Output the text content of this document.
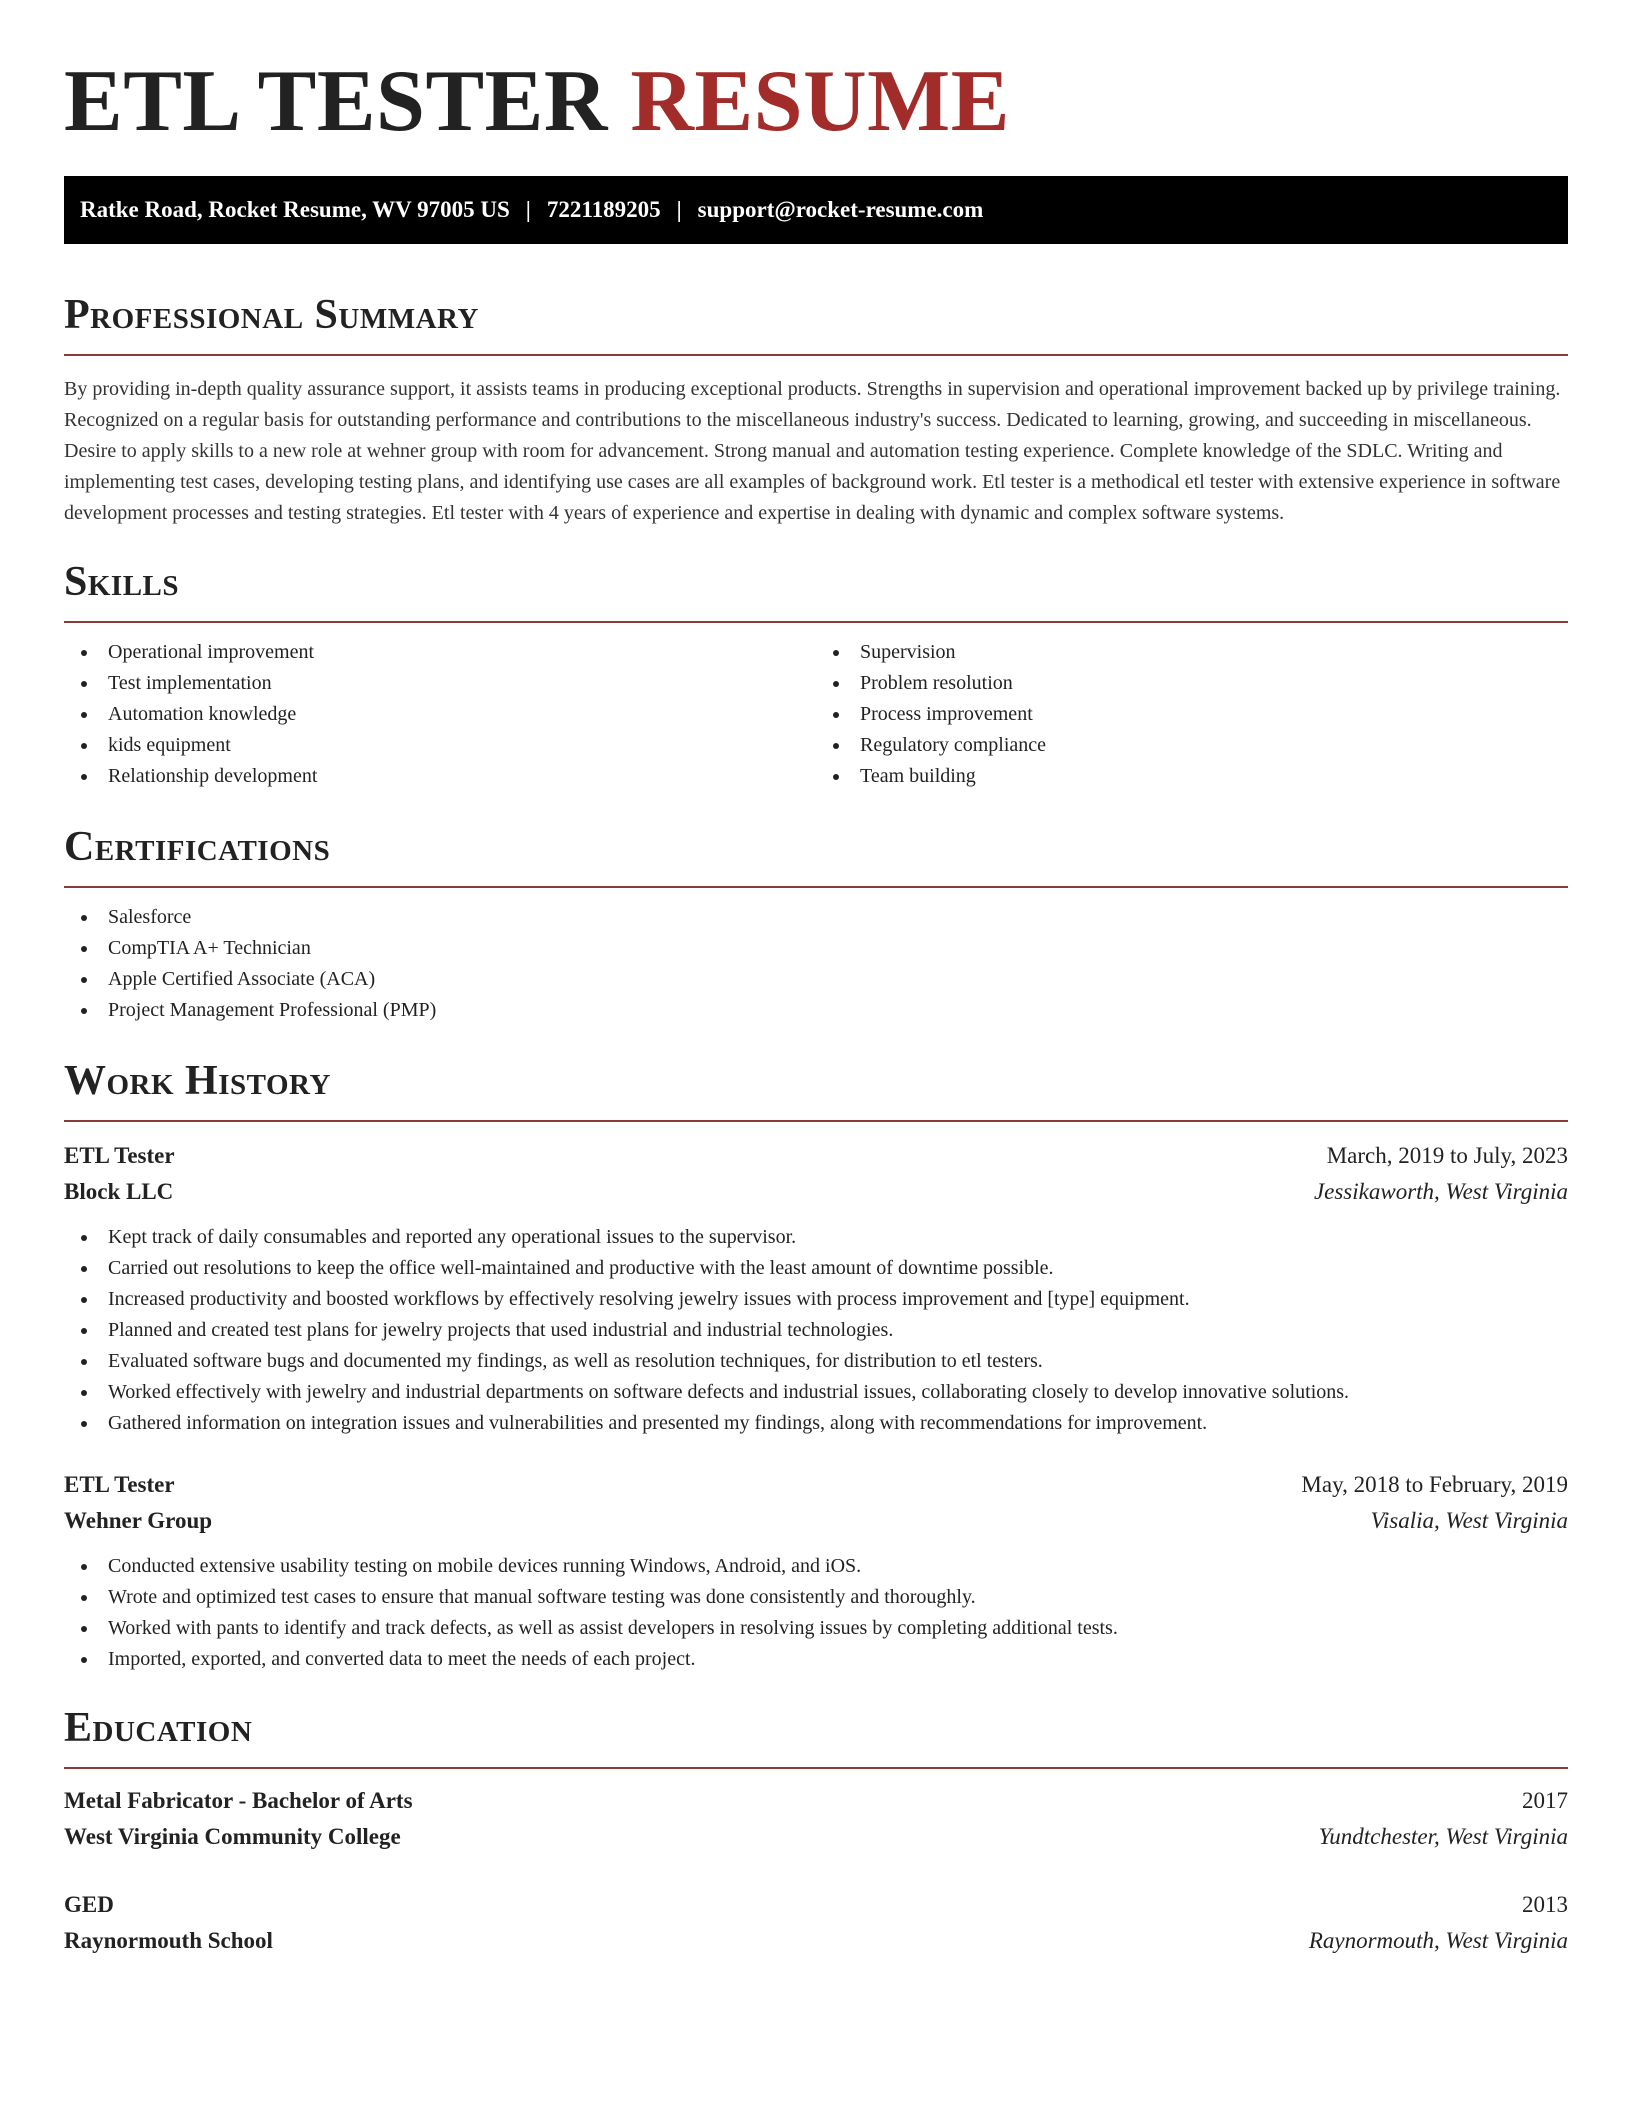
ETL TESTER RESUME
Ratke Road, Rocket Resume, WV 97005 US | 7221189205 | support@rocket-resume.com
Professional Summary

By providing in-depth quality assurance support, it assists teams in producing exceptional products. Strengths in supervision and operational improvement backed up by privilege training. Recognized on a regular basis for outstanding performance and contributions to the miscellaneous industry's success. Dedicated to learning, growing, and succeeding in miscellaneous. Desire to apply skills to a new role at wehner group with room for advancement. Strong manual and automation testing experience. Complete knowledge of the SDLC. Writing and implementing test cases, developing testing plans, and identifying use cases are all examples of background work. Etl tester is a methodical etl tester with extensive experience in software development processes and testing strategies. Etl tester with 4 years of experience and expertise in dealing with dynamic and complex software systems.

Skills
Operational improvement
Test implementation
Automation knowledge
kids equipment
Relationship development
Supervision
Problem resolution
Process improvement
Regulatory compliance
Team building
Certifications
Salesforce
CompTIA A+ Technician
Apple Certified Associate (ACA)
Project Management Professional (PMP)
Work History
ETL Tester	March, 2019 to July, 2023
Block LLC	Jessikaworth, West Virginia
Kept track of daily consumables and reported any operational issues to the supervisor.
Carried out resolutions to keep the office well-maintained and productive with the least amount of downtime possible.
Increased productivity and boosted workflows by effectively resolving jewelry issues with process improvement and [type] equipment.
Planned and created test plans for jewelry projects that used industrial and industrial technologies.
Evaluated software bugs and documented my findings, as well as resolution techniques, for distribution to etl testers.
Worked effectively with jewelry and industrial departments on software defects and industrial issues, collaborating closely to develop innovative solutions.
Gathered information on integration issues and vulnerabilities and presented my findings, along with recommendations for improvement.
ETL Tester	May, 2018 to February, 2019
Wehner Group	Visalia, West Virginia
Conducted extensive usability testing on mobile devices running Windows, Android, and iOS.
Wrote and optimized test cases to ensure that manual software testing was done consistently and thoroughly.
Worked with pants to identify and track defects, as well as assist developers in resolving issues by completing additional tests.
Imported, exported, and converted data to meet the needs of each project.
Education
Metal Fabricator - Bachelor of Arts	2017
West Virginia Community College	Yundtchester, West Virginia
GED	2013
Raynormouth School	Raynormouth, West Virginia
